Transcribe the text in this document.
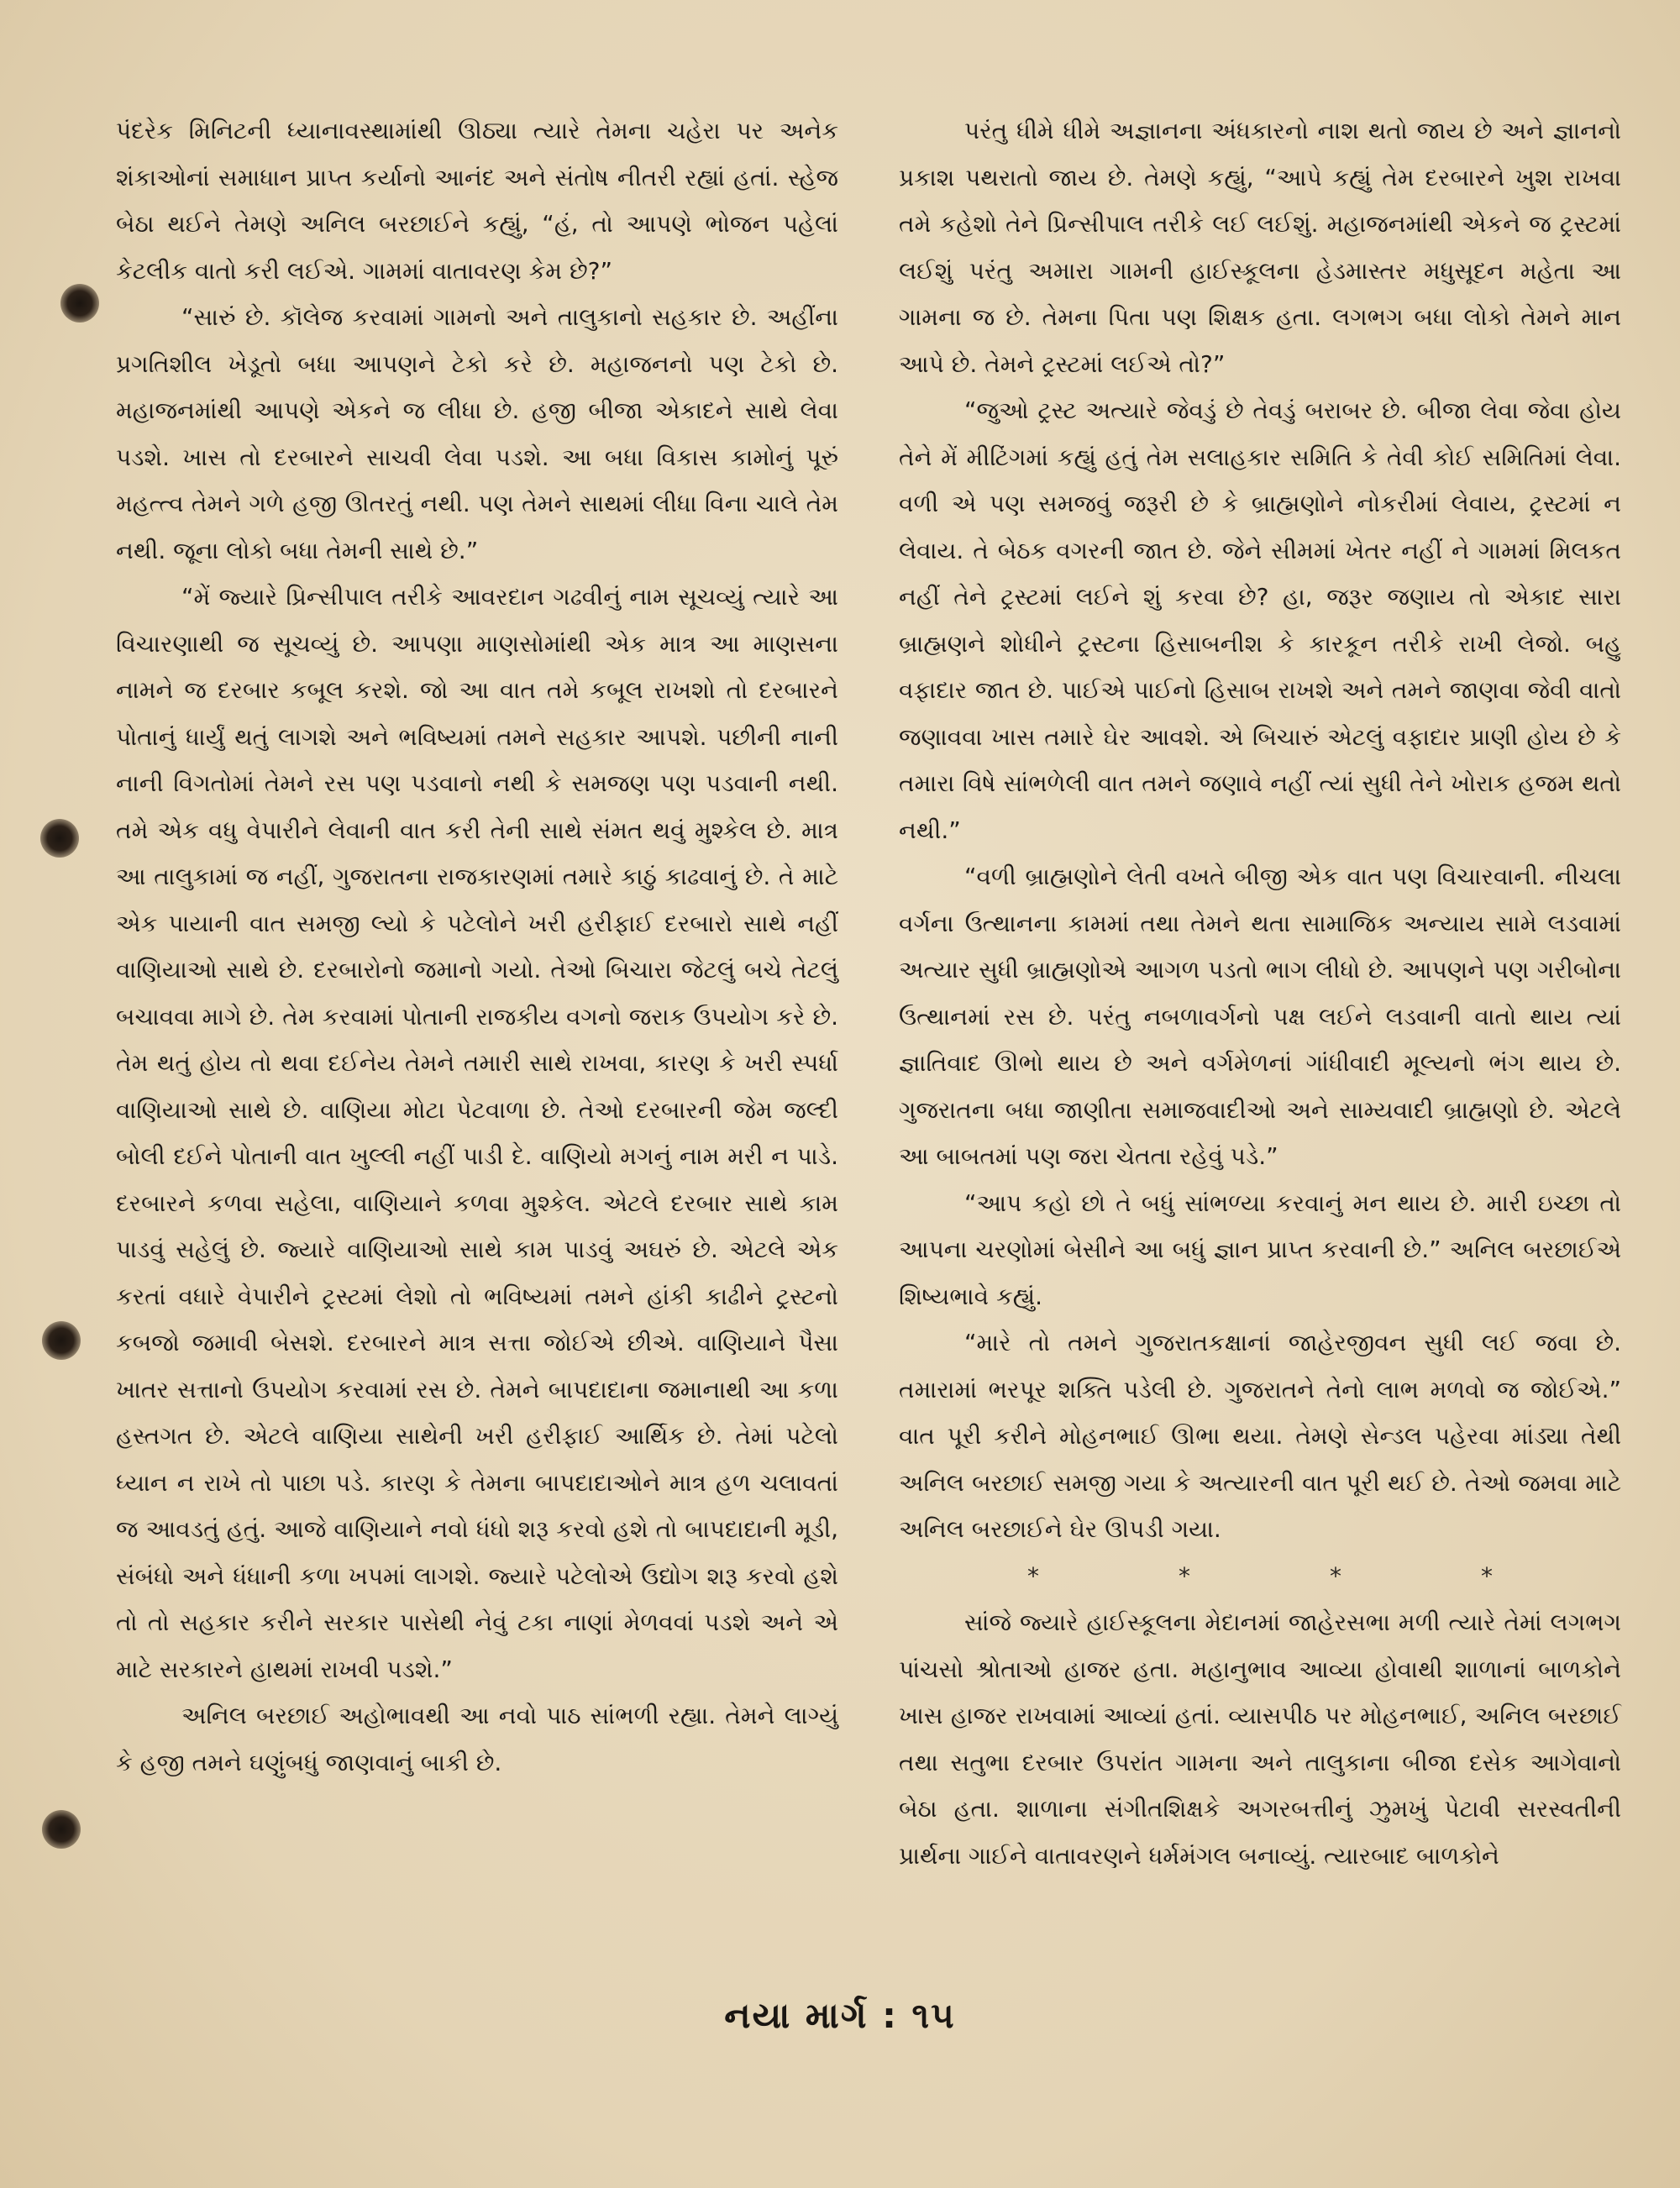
પંદરેક મિનિટની ધ્યાનાવસ્થામાંથી ઊઠ્યા ત્યારે તેમના ચહેરા પર અનેક શંકાઓનાં સમાધાન પ્રાપ્ત કર્યાનો આનંદ અને સંતોષ નીતરી રહ્યાં હતાં. સ્હેજ બેઠા થઈને તેમણે અનિલ બરછાઈને કહ્યું, “હં, તો આપણે ભોજન પહેલાં કેટલીક વાતો કરી લઈએ. ગામમાં વાતાવરણ કેમ છે?”

“સારું છે. કૉલેજ કરવામાં ગામનો અને તાલુકાનો સહકાર છે. અહીંના પ્રગતિશીલ ખેડૂતો બધા આપણને ટેકો કરે છે. મહાજનનો પણ ટેકો છે. મહાજનમાંથી આપણે એકને જ લીધા છે. હજી બીજા એકાદને સાથે લેવા પડશે. ખાસ તો દરબારને સાચવી લેવા પડશે. આ બધા વિકાસ કામોનું પૂરું મહત્ત્વ તેમને ગળે હજી ઊતરતું નથી. પણ તેમને સાથમાં લીધા વિના ચાલે તેમ નથી. જૂના લોકો બધા તેમની સાથે છે.”

“મેં જ્યારે પ્રિન્સીપાલ તરીકે આવરદાન ગઢવીનું નામ સૂચવ્યું ત્યારે આ વિચારણાથી જ સૂચવ્યું છે. આપણા માણસોમાંથી એક માત્ર આ માણસના નામને જ દરબાર કબૂલ કરશે. જો આ વાત તમે કબૂલ રાખશો તો દરબારને પોતાનું ધાર્યું થતું લાગશે અને ભવિષ્યમાં તમને સહકાર આપશે. પછીની નાની નાની વિગતોમાં તેમને રસ પણ પડવાનો નથી કે સમજણ પણ પડવાની નથી. તમે એક વધુ વેપારીને લેવાની વાત કરી તેની સાથે સંમત થવું મુશ્કેલ છે. માત્ર આ તાલુકામાં જ નહીં, ગુજરાતના રાજકારણમાં તમારે કાઠું કાઢવાનું છે. તે માટે એક પાયાની વાત સમજી લ્યો કે પટેલોને ખરી હરીફાઈ દરબારો સાથે નહીં વાણિયાઓ સાથે છે. દરબારોનો જમાનો ગયો. તેઓ બિચારા જેટલું બચે તેટલું બચાવવા માગે છે. તેમ કરવામાં પોતાની રાજકીય વગનો જરાક ઉપયોગ કરે છે. તેમ થતું હોય તો થવા દઈનેય તેમને તમારી સાથે રાખવા, કારણ કે ખરી સ્પર્ધા વાણિયાઓ સાથે છે. વાણિયા મોટા પેટવાળા છે. તેઓ દરબારની જેમ જલ્દી બોલી દઈને પોતાની વાત ખુલ્લી નહીં પાડી દે. વાણિયો મગનું નામ મરી ન પાડે. દરબારને કળવા સહેલા, વાણિયાને કળવા મુશ્કેલ. એટલે દરબાર સાથે કામ પાડવું સહેલું છે. જ્યારે વાણિયાઓ સાથે કામ પાડવું અઘરું છે. એટલે એક કરતાં વધારે વેપારીને ટ્રસ્ટમાં લેશો તો ભવિષ્યમાં તમને હાંકી કાઢીને ટ્રસ્ટનો કબજો જમાવી બેસશે. દરબારને માત્ર સત્તા જોઈએ છીએ. વાણિયાને પૈસા ખાતર સત્તાનો ઉપયોગ કરવામાં રસ છે. તેમને બાપદાદાના જમાનાથી આ કળા હસ્તગત છે. એટલે વાણિયા સાથેની ખરી હરીફાઈ આર્થિક છે. તેમાં પટેલો ધ્યાન ન રાખે તો પાછા પડે. કારણ કે તેમના બાપદાદાઓને માત્ર હળ ચલાવતાં જ આવડતું હતું. આજે વાણિયાને નવો ધંધો શરૂ કરવો હશે તો બાપદાદાની મૂડી, સંબંધો અને ધંધાની કળા ખપમાં લાગશે. જ્યારે પટેલોએ ઉદ્યોગ શરૂ કરવો હશે તો તો સહકાર કરીને સરકાર પાસેથી નેવું ટકા નાણાં મેળવવાં પડશે અને એ માટે સરકારને હાથમાં રાખવી પડશે.”

અનિલ બરછાઈ અહોભાવથી આ નવો પાઠ સાંભળી રહ્યા. તેમને લાગ્યું કે હજી તમને ઘણુંબધું જાણવાનું બાકી છે.

પરંતુ ધીમે ધીમે અજ્ઞાનના અંધકારનો નાશ થતો જાય છે અને જ્ઞાનનો પ્રકાશ પથરાતો જાય છે. તેમણે કહ્યું, “આપે કહ્યું તેમ દરબારને ખુશ રાખવા તમે કહેશો તેને પ્રિન્સીપાલ તરીકે લઈ લઈશું. મહાજનમાંથી એકને જ ટ્રસ્ટમાં લઈશું પરંતુ અમારા ગામની હાઈસ્કૂલના હેડમાસ્તર મધુસૂદન મહેતા આ ગામના જ છે. તેમના પિતા પણ શિક્ષક હતા. લગભગ બધા લોકો તેમને માન આપે છે. તેમને ટ્રસ્ટમાં લઈએ તો?”

“જુઓ ટ્રસ્ટ અત્યારે જેવડું છે તેવડું બરાબર છે. બીજા લેવા જેવા હોય તેને મેં મીટિંગમાં કહ્યું હતું તેમ સલાહકાર સમિતિ કે તેવી કોઈ સમિતિમાં લેવા. વળી એ પણ સમજવું જરૂરી છે કે બ્રાહ્મણોને નોકરીમાં લેવાય, ટ્રસ્ટમાં ન લેવાય. તે બેઠક વગરની જાત છે. જેને સીમમાં ખેતર નહીં ને ગામમાં મિલકત નહીં તેને ટ્રસ્ટમાં લઈને શું કરવા છે? હા, જરૂર જણાય તો એકાદ સારા બ્રાહ્મણને શોધીને ટ્રસ્ટના હિસાબનીશ કે કારકૂન તરીકે રાખી લેજો. બહુ વફાદાર જાત છે. પાઈએ પાઈનો હિસાબ રાખશે અને તમને જાણવા જેવી વાતો જણાવવા ખાસ તમારે ઘેર આવશે. એ બિચારું એટલું વફાદાર પ્રાણી હોય છે કે તમારા વિષે સાંભળેલી વાત તમને જણાવે નહીં ત્યાં સુધી તેને ખોરાક હજમ થતો નથી.”

“વળી બ્રાહ્મણોને લેતી વખતે બીજી એક વાત પણ વિચારવાની. નીચલા વર્ગના ઉત્થાનના કામમાં તથા તેમને થતા સામાજિક અન્યાય સામે લડવામાં અત્યાર સુધી બ્રાહ્મણોએ આગળ પડતો ભાગ લીધો છે. આપણને પણ ગરીબોના ઉત્થાનમાં રસ છે. પરંતુ નબળાવર્ગનો પક્ષ લઈને લડવાની વાતો થાય ત્યાં જ્ઞાતિવાદ ઊભો થાય છે અને વર્ગમેળનાં ગાંધીવાદી મૂલ્યનો ભંગ થાય છે. ગુજરાતના બધા જાણીતા સમાજવાદીઓ અને સામ્યવાદી બ્રાહ્મણો છે. એટલે આ બાબતમાં પણ જરા ચેતતા રહેવું પડે.”

“આપ કહો છો તે બધું સાંભળ્યા કરવાનું મન થાય છે. મારી ઇચ્છા તો આપના ચરણોમાં બેસીને આ બધું જ્ઞાન પ્રાપ્ત કરવાની છે.” અનિલ બરછાઈએ શિષ્યભાવે કહ્યું.

“મારે તો તમને ગુજરાતકક્ષાનાં જાહેરજીવન સુધી લઈ જવા છે. તમારામાં ભરપૂર શક્તિ પડેલી છે. ગુજરાતને તેનો લાભ મળવો જ જોઈએ.” વાત પૂરી કરીને મોહનભાઈ ઊભા થયા. તેમણે સેન્ડલ પહેરવા માંડ્યા તેથી અનિલ બરછાઈ સમજી ગયા કે અત્યારની વાત પૂરી થઈ છે. તેઓ જમવા માટે અનિલ બરછાઈને ઘેર ઊપડી ગયા.

*	*	*	*

સાંજે જ્યારે હાઈસ્કૂલના મેદાનમાં જાહેરસભા મળી ત્યારે તેમાં લગભગ પાંચસો શ્રોતાઓ હાજર હતા. મહાનુભાવ આવ્યા હોવાથી શાળાનાં બાળકોને ખાસ હાજર રાખવામાં આવ્યાં હતાં. વ્યાસપીઠ પર મોહનભાઈ, અનિલ બરછાઈ તથા સતુભા દરબાર ઉપરાંત ગામના અને તાલુકાના બીજા દસેક આગેવાનો બેઠા હતા. શાળાના સંગીતશિક્ષકે અગરબત્તીનું ઝુમખું પેટાવી સરસ્વતીની પ્રાર્થના ગાઈને વાતાવરણને ધર્મમંગલ બનાવ્યું. ત્યારબાદ બાળકોને

નયા માર્ગ : ૧૫
